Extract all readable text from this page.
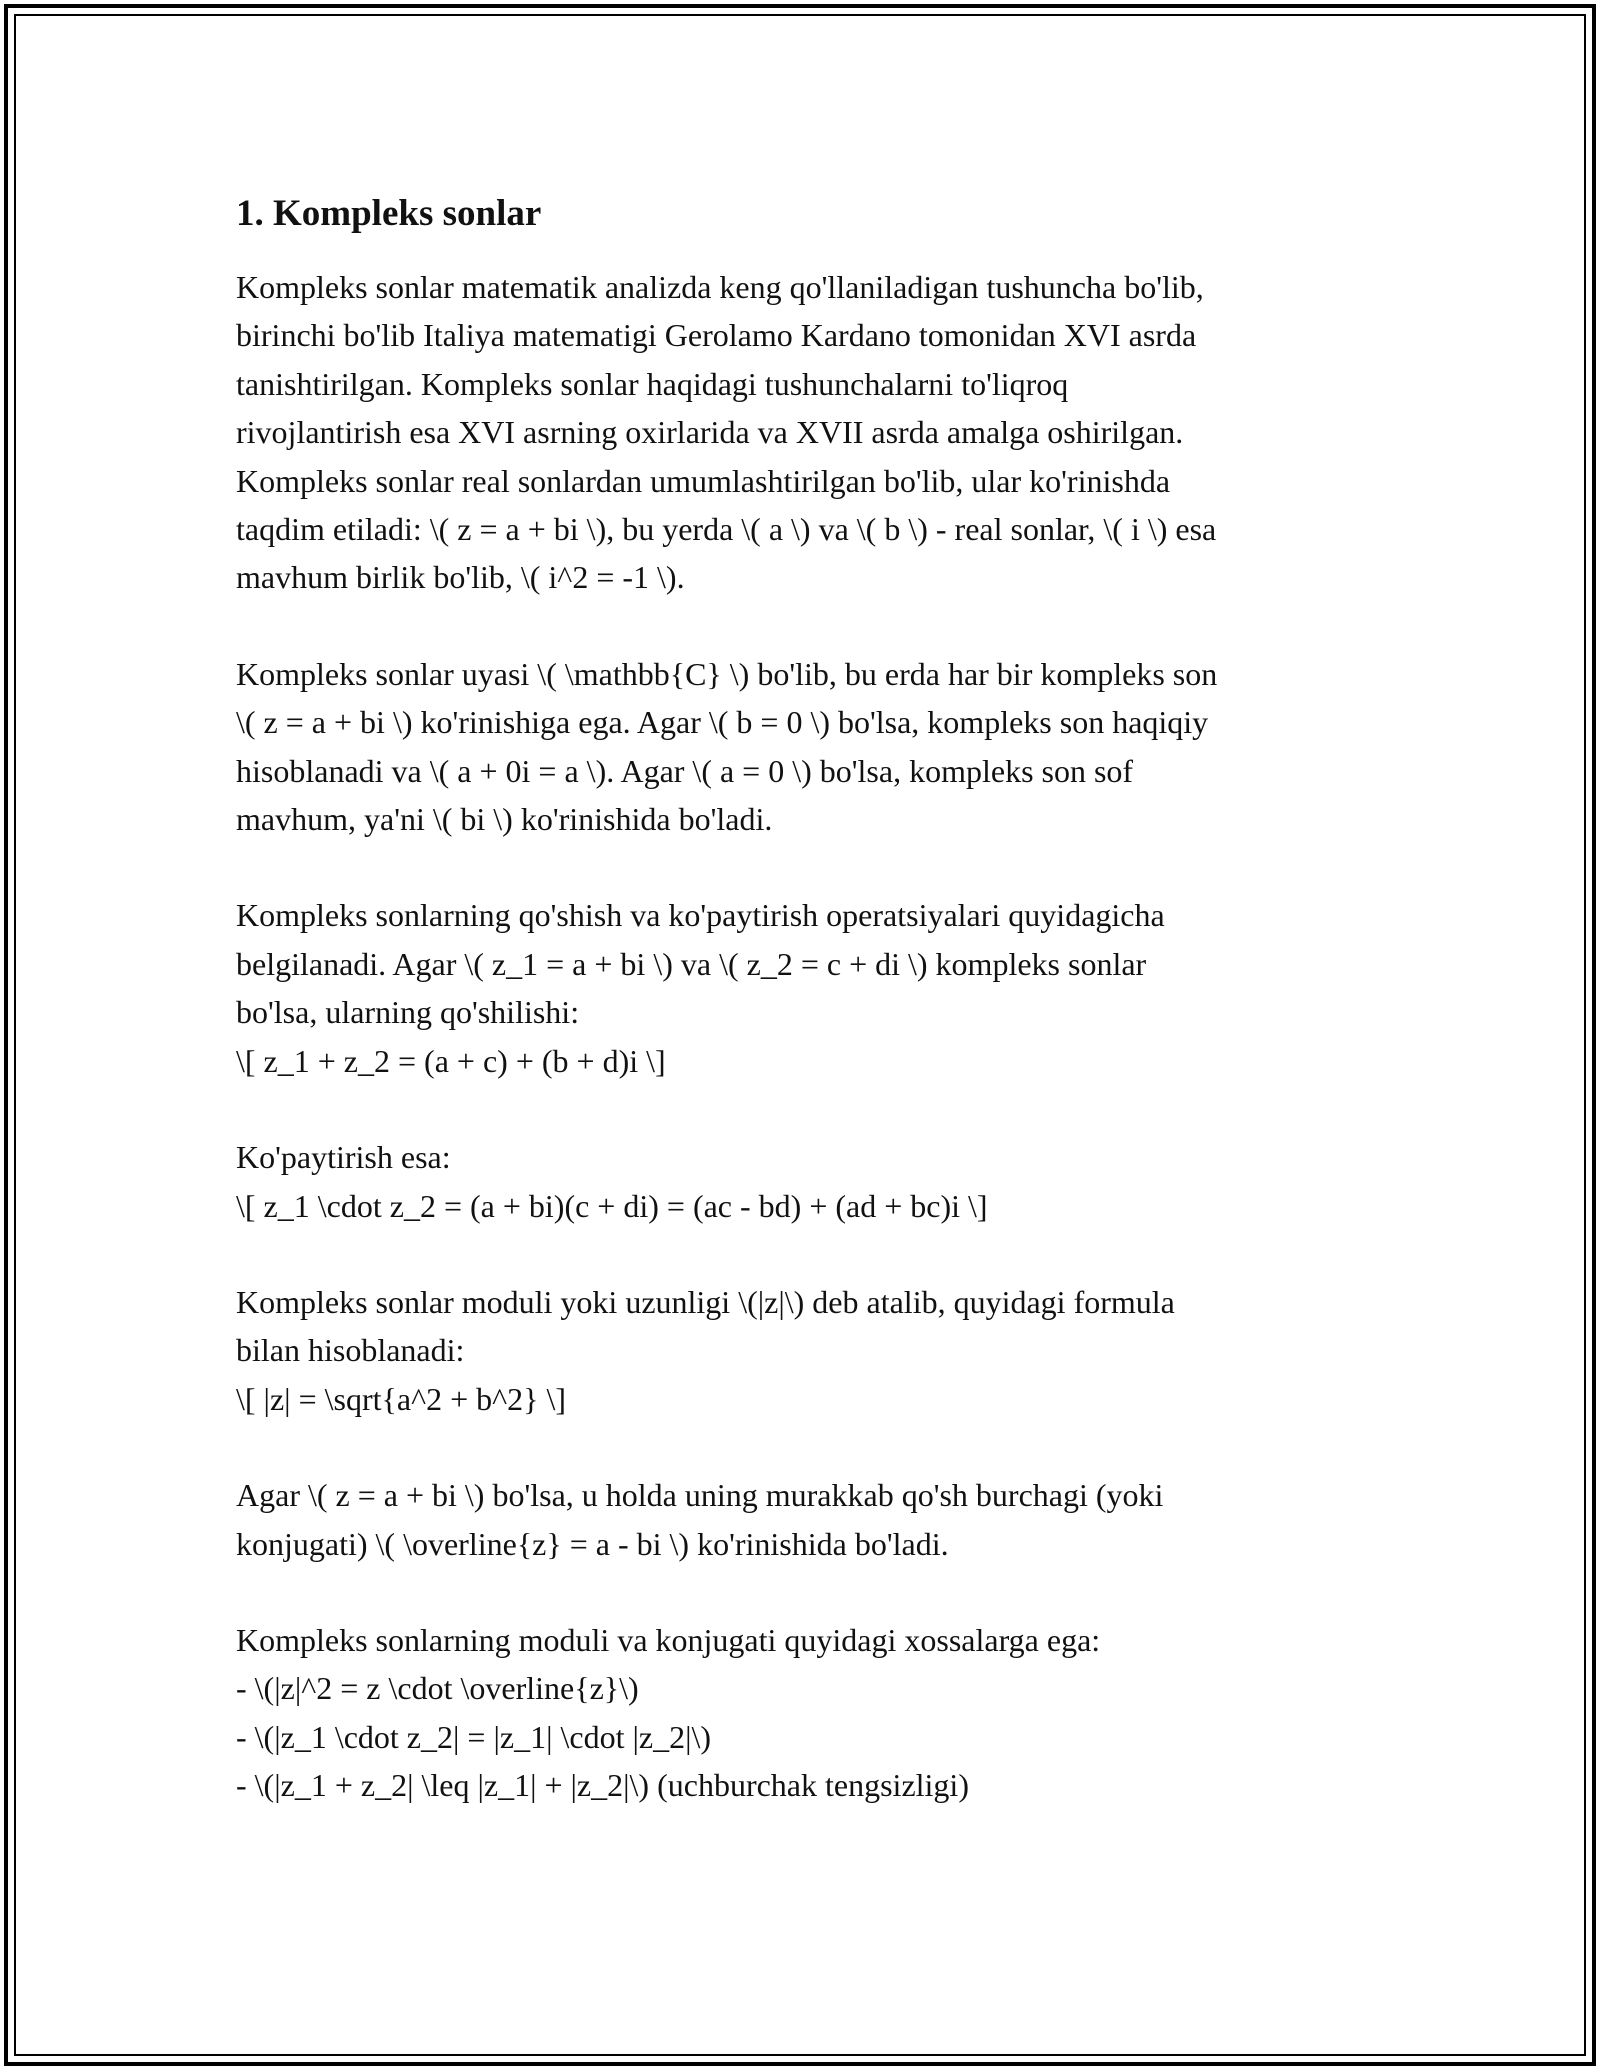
1. Kompleks sonlar

Kompleks sonlar matematik analizda keng qo'llaniladigan tushuncha bo'lib,
birinchi bo'lib Italiya matematigi Gerolamo Kardano tomonidan XVI asrda
tanishtirilgan. Kompleks sonlar haqidagi tushunchalarni to'liqroq
rivojlantirish esa XVI asrning oxirlarida va XVII asrda amalga oshirilgan.
Kompleks sonlar real sonlardan umumlashtirilgan bo'lib, ular ko'rinishda
taqdim etiladi: \( z = a + bi \), bu yerda \( a \) va \( b \) - real sonlar, \( i \) esa
mavhum birlik bo'lib, \( i^2 = -1 \).

Kompleks sonlar uyasi \( \mathbb{C} \) bo'lib, bu erda har bir kompleks son
\( z = a + bi \) ko'rinishiga ega. Agar \( b = 0 \) bo'lsa, kompleks son haqiqiy
hisoblanadi va \( a + 0i = a \). Agar \( a = 0 \) bo'lsa, kompleks son sof
mavhum, ya'ni \( bi \) ko'rinishida bo'ladi.

Kompleks sonlarning qo'shish va ko'paytirish operatsiyalari quyidagicha
belgilanadi. Agar \( z_1 = a + bi \) va \( z_2 = c + di \) kompleks sonlar
bo'lsa, ularning qo'shilishi:
\[ z_1 + z_2 = (a + c) + (b + d)i \]

Ko'paytirish esa:
\[ z_1 \cdot z_2 = (a + bi)(c + di) = (ac - bd) + (ad + bc)i \]

Kompleks sonlar moduli yoki uzunligi \(|z|\) deb atalib, quyidagi formula
bilan hisoblanadi:
\[ |z| = \sqrt{a^2 + b^2} \]

Agar \( z = a + bi \) bo'lsa, u holda uning murakkab qo'sh burchagi (yoki
konjugati) \( \overline{z} = a - bi \) ko'rinishida bo'ladi.

Kompleks sonlarning moduli va konjugati quyidagi xossalarga ega:
- \(|z|^2 = z \cdot \overline{z}\)
- \(|z_1 \cdot z_2| = |z_1| \cdot |z_2|\)
- \(|z_1 + z_2| \leq |z_1| + |z_2|\) (uchburchak tengsizligi)
